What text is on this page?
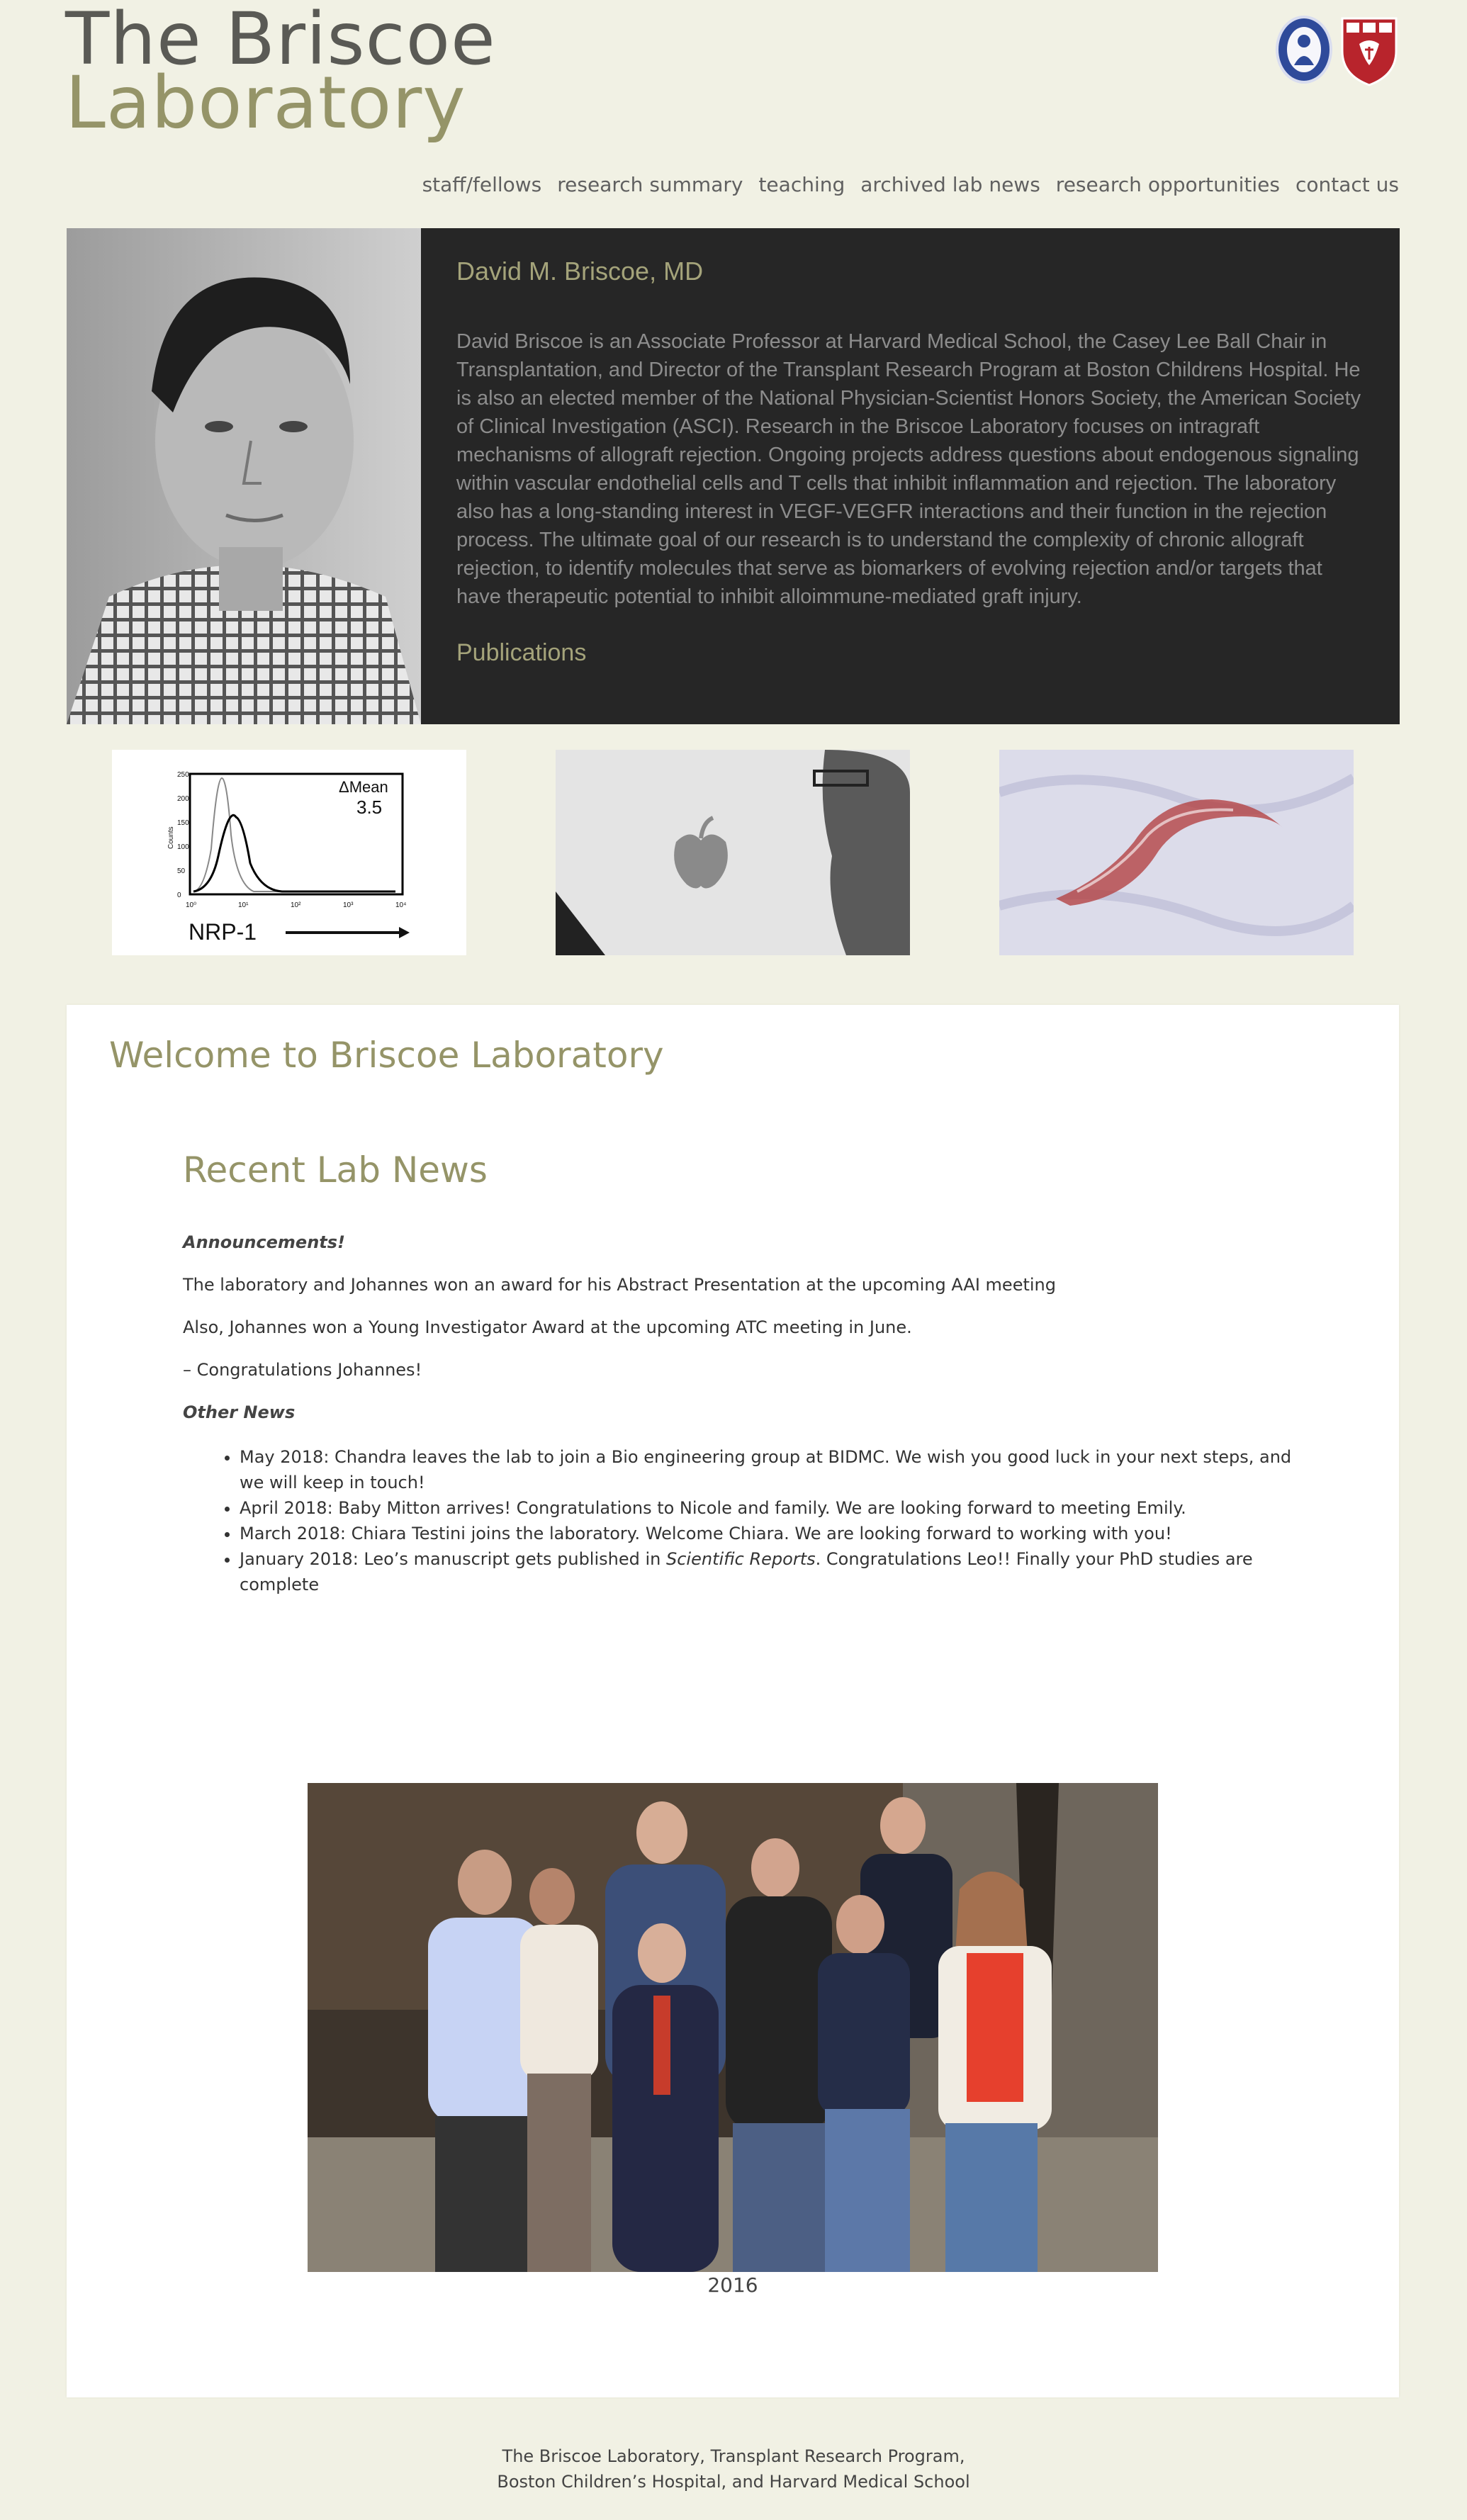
The Briscoe
Laboratory
staff/fellows research summary teaching archived lab news research opportunities contact us
David M. Briscoe, MD
David Briscoe is an Associate Professor at Harvard Medical School, the Casey Lee Ball Chair in Transplantation, and Director of the Transplant Research Program at Boston Childrens Hospital. He is also an elected member of the National Physician-Scientist Honors Society, the American Society of Clinical Investigation (ASCI). Research in the Briscoe Laboratory focuses on intragraft mechanisms of allograft rejection. Ongoing projects address questions about endogenous signaling within vascular endothelial cells and T cells that inhibit inflammation and rejection. The laboratory also has a long-standing interest in VEGF-VEGFR interactions and their function in the rejection process. The ultimate goal of our research is to understand the complexity of chronic allograft rejection, to identify molecules that serve as biomarkers of evolving rejection and/or targets that have therapeutic potential to inhibit alloimmune-mediated graft injury.
Publications
ΔMean
3.5
Counts
0
50
100
150
200
250
10⁰	10¹	10²	10³	10⁴
NRP-1
Welcome to Briscoe Laboratory
Recent Lab News

Announcements!

The laboratory and Johannes won an award for his Abstract Presentation at the upcoming AAI meeting

Also, Johannes won a Young Investigator Award at the upcoming ATC meeting in June.

– Congratulations Johannes!

Other News

• May 2018: Chandra leaves the lab to join a Bio engineering group at BIDMC. We wish you good luck in your next steps, and we will keep in touch!
• April 2018: Baby Mitton arrives! Congratulations to Nicole and family. We are looking forward to meeting Emily.
• March 2018: Chiara Testini joins the laboratory. Welcome Chiara. We are looking forward to working with you!
• January 2018: Leo’s manuscript gets published in Scientific Reports. Congratulations Leo!! Finally your PhD studies are complete
2016
The Briscoe Laboratory, Transplant Research Program,
Boston Children’s Hospital, and Harvard Medical School
